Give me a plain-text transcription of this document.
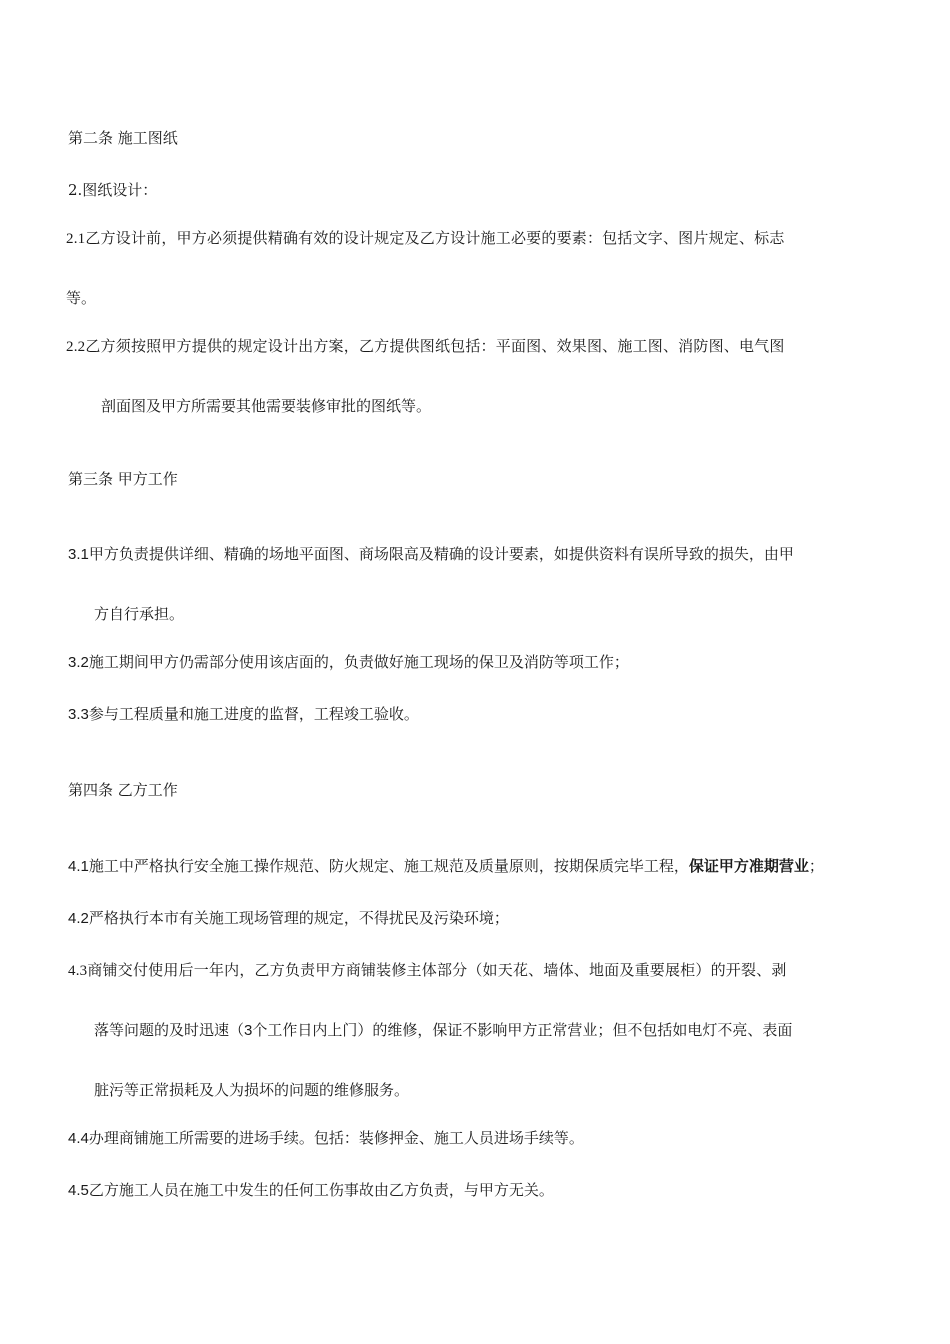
第二条 施工图纸
2.图纸设计：
2.1乙方设计前，甲方必须提供精确有效的设计规定及乙方设计施工必要的要素：包括文字、图片规定、标志
等。
2.2乙方须按照甲方提供的规定设计出方案，乙方提供图纸包括：平面图、效果图、施工图、消防图、电气图
剖面图及甲方所需要其他需要装修审批的图纸等。
第三条 甲方工作
3.1甲方负责提供详细、精确的场地平面图、商场限高及精确的设计要素，如提供资料有误所导致的损失，由甲
方自行承担。
3.2施工期间甲方仍需部分使用该店面的，负责做好施工现场的保卫及消防等项工作；
3.3参与工程质量和施工进度的监督，工程竣工验收。
第四条 乙方工作
4.1施工中严格执行安全施工操作规范、防火规定、施工规范及质量原则，按期保质完毕工程，保证甲方准期营业；
4.2严格执行本市有关施工现场管理的规定，不得扰民及污染环境；
4.3商铺交付使用后一年内，乙方负责甲方商铺装修主体部分（如天花、墙体、地面及重要展柜）的开裂、剥
落等问题的及时迅速（3个工作日内上门）的维修，保证不影响甲方正常营业；但不包括如电灯不亮、表面
脏污等正常损耗及人为损坏的问题的维修服务。
4.4办理商铺施工所需要的进场手续。包括：装修押金、施工人员进场手续等。
4.5乙方施工人员在施工中发生的任何工伤事故由乙方负责，与甲方无关。
